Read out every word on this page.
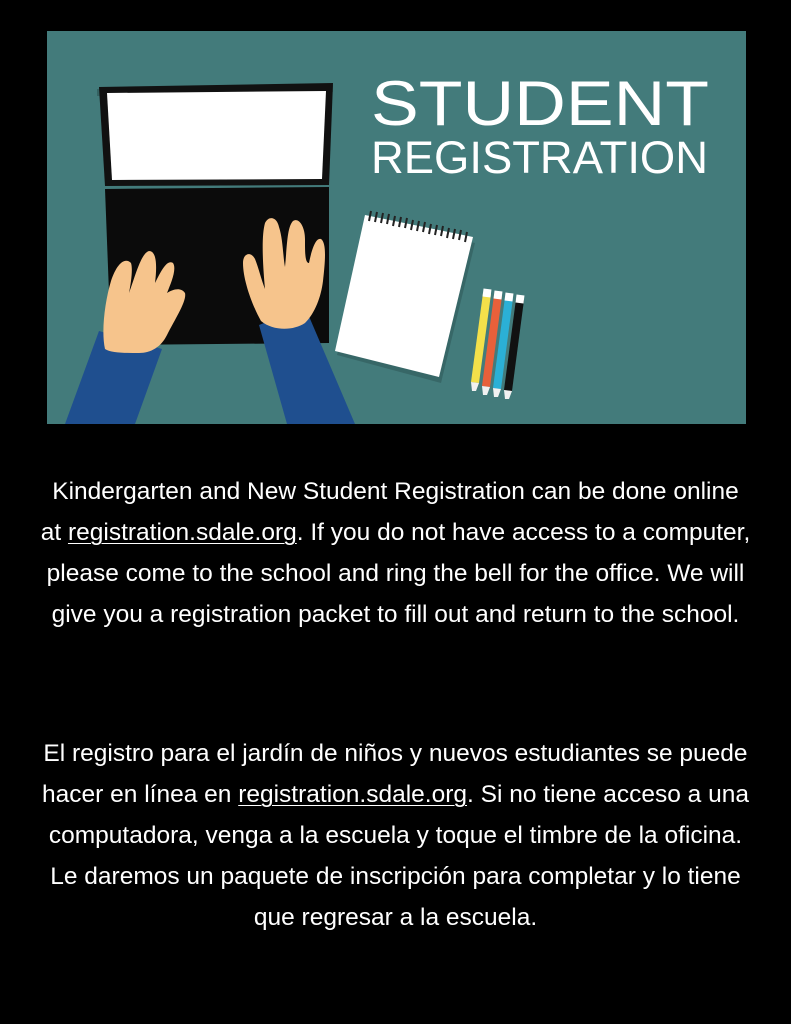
STUDENT
REGISTRATION

Kindergarten and New Student Registration can be done online at registration.sdale.org. If you do not have access to a computer, please come to the school and ring the bell for the office. We will give you a registration packet to fill out and return to the school.

El registro para el jardín de niños y nuevos estudiantes se puede hacer en línea en registration.sdale.org. Si no tiene acceso a una computadora, venga a la escuela y toque el timbre de la oficina. Le daremos un paquete de inscripción para completar y lo tiene que regresar a la escuela.
